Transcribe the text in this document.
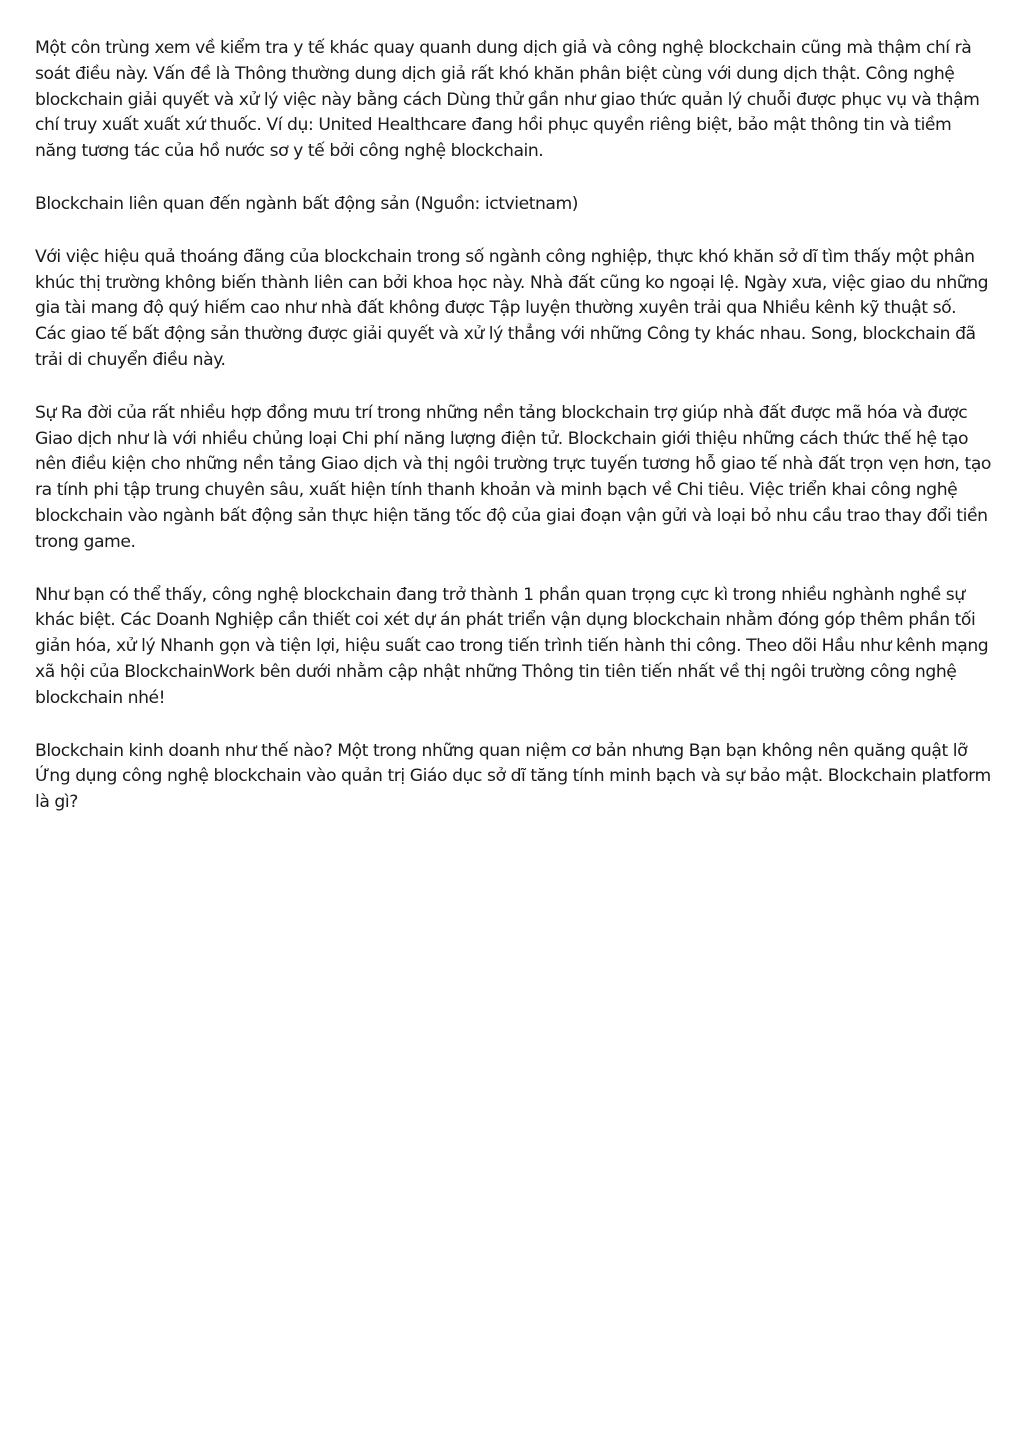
Một côn trùng xem về kiểm tra y tế khác quay quanh dung dịch giả và công nghệ blockchain cũng mà thậm chí rà soát điều này. Vấn đề là Thông thường dung dịch giả rất khó khăn phân biệt cùng với dung dịch thật. Công nghệ blockchain giải quyết và xử lý việc này bằng cách Dùng thử gần như giao thức quản lý chuỗi được phục vụ và thậm chí truy xuất xuất xứ thuốc. Ví dụ: United Healthcare đang hồi phục quyền riêng biệt, bảo mật thông tin và tiềm năng tương tác của hồ nước sơ y tế bởi công nghệ blockchain.

Blockchain liên quan đến ngành bất động sản (Nguồn: ictvietnam)

Với việc hiệu quả thoáng đãng của blockchain trong số ngành công nghiệp, thực khó khăn sở dĩ tìm thấy một phân khúc thị trường không biến thành liên can bởi khoa học này. Nhà đất cũng ko ngoại lệ. Ngày xưa, việc giao du những gia tài mang độ quý hiếm cao như nhà đất không được Tập luyện thường xuyên trải qua Nhiều kênh kỹ thuật số. Các giao tế bất động sản thường được giải quyết và xử lý thẳng với những Công ty khác nhau. Song, blockchain đã trải di chuyển điều này.

Sự Ra đời của rất nhiều hợp đồng mưu trí trong những nền tảng blockchain trợ giúp nhà đất được mã hóa và được Giao dịch như là với nhiều chủng loại Chi phí năng lượng điện tử. Blockchain giới thiệu những cách thức thế hệ tạo nên điều kiện cho những nền tảng Giao dịch và thị ngôi trường trực tuyến tương hỗ giao tế nhà đất trọn vẹn hơn, tạo ra tính phi tập trung chuyên sâu, xuất hiện tính thanh khoản và minh bạch về Chi tiêu. Việc triển khai công nghệ blockchain vào ngành bất động sản thực hiện tăng tốc độ của giai đoạn vận gửi và loại bỏ nhu cầu trao thay đổi tiền trong game.

Như bạn có thể thấy, công nghệ blockchain đang trở thành 1 phần quan trọng cực kì trong nhiều nghành nghề sự khác biệt. Các Doanh Nghiệp cần thiết coi xét dự án phát triển vận dụng blockchain nhằm đóng góp thêm phần tối giản hóa, xử lý Nhanh gọn và tiện lợi, hiệu suất cao trong tiến trình tiến hành thi công. Theo dõi Hầu như kênh mạng xã hội của BlockchainWork bên dưới nhằm cập nhật những Thông tin tiên tiến nhất về thị ngôi trường công nghệ blockchain nhé!

Blockchain kinh doanh như thế nào? Một trong những quan niệm cơ bản nhưng Bạn bạn không nên quăng quật lỡ Ứng dụng công nghệ blockchain vào quản trị Giáo dục sở dĩ tăng tính minh bạch và sự bảo mật. Blockchain platform là gì?
